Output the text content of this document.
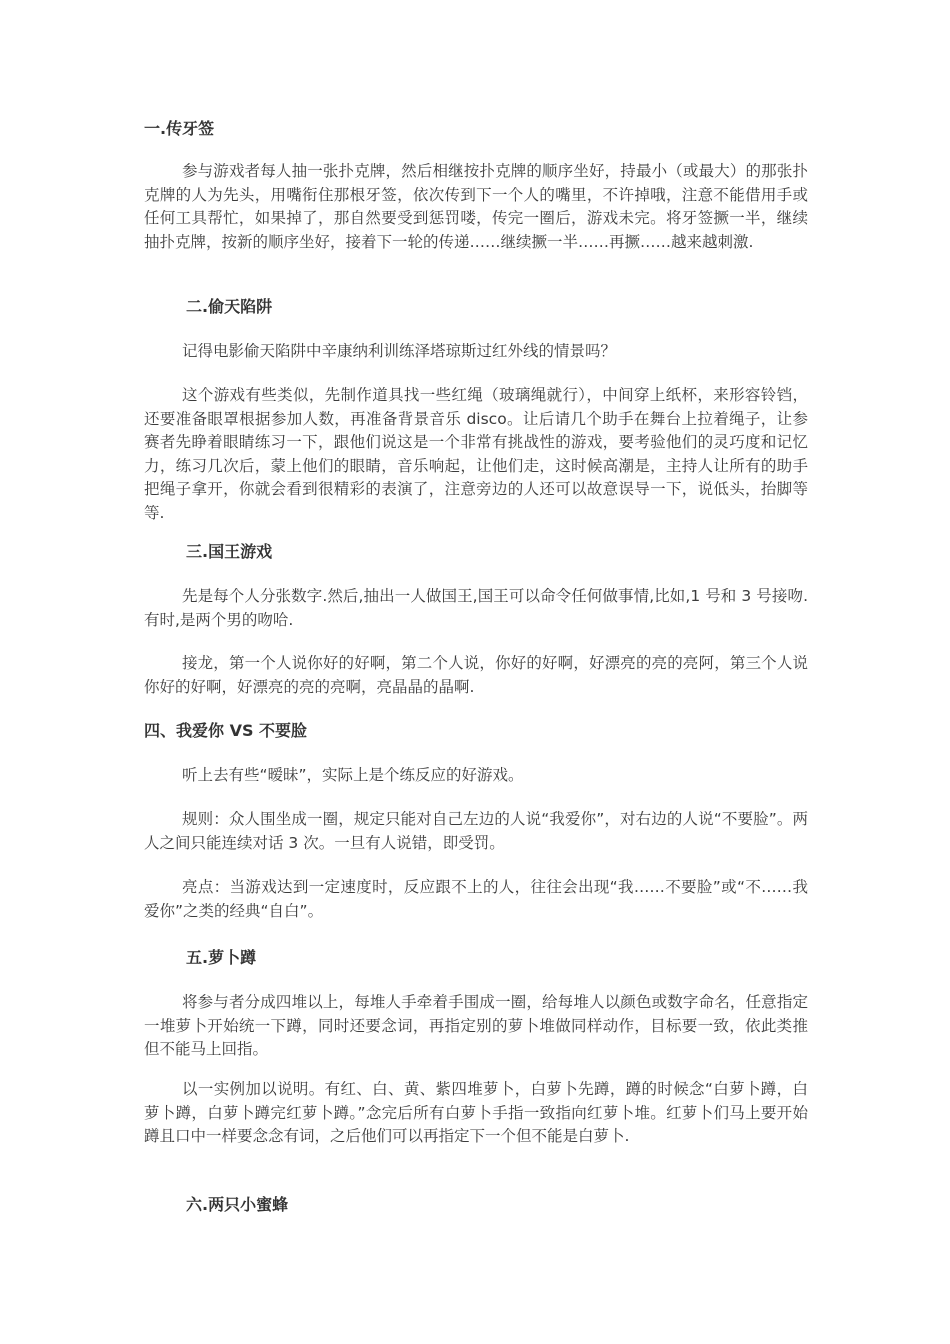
一.传牙签
参与游戏者每人抽一张扑克牌，然后相继按扑克牌的顺序坐好，持最小（或最大）的那张扑克牌的人为先头，用嘴衔住那根牙签，依次传到下一个人的嘴里，不许掉哦，注意不能借用手或任何工具帮忙，如果掉了，那自然要受到惩罚喽，传完一圈后，游戏未完。将牙签撅一半，继续抽扑克牌，按新的顺序坐好，接着下一轮的传递……继续撅一半……再撅……越来越刺激.
二.偷天陷阱
记得电影偷天陷阱中辛康纳利训练泽塔琼斯过红外线的情景吗？
这个游戏有些类似，先制作道具找一些红绳（玻璃绳就行），中间穿上纸杯，来形容铃铛，还要准备眼罩根据参加人数，再准备背景音乐 disco。让后请几个助手在舞台上拉着绳子，让参赛者先睁着眼睛练习一下，跟他们说这是一个非常有挑战性的游戏，要考验他们的灵巧度和记忆力，练习几次后，蒙上他们的眼睛，音乐响起，让他们走，这时候高潮是，主持人让所有的助手把绳子拿开，你就会看到很精彩的表演了，注意旁边的人还可以故意误导一下，说低头，抬脚等等.
三.国王游戏
先是每个人分张数字.然后,抽出一人做国王,国王可以命令任何做事情,比如,1 号和 3 号接吻.有时,是两个男的吻哈.
接龙，第一个人说你好的好啊，第二个人说，你好的好啊，好漂亮的亮的亮阿，第三个人说你好的好啊，好漂亮的亮的亮啊，亮晶晶的晶啊.
四、我爱你 VS 不要脸
听上去有些“暧昧”，实际上是个练反应的好游戏。
规则：众人围坐成一圈，规定只能对自己左边的人说“我爱你”，对右边的人说“不要脸”。两人之间只能连续对话 3 次。一旦有人说错，即受罚。
亮点：当游戏达到一定速度时，反应跟不上的人，往往会出现“我……不要脸”或“不……我爱你”之类的经典“自白”。
五.萝卜蹲
将参与者分成四堆以上，每堆人手牵着手围成一圈，给每堆人以颜色或数字命名，任意指定一堆萝卜开始统一下蹲，同时还要念词，再指定别的萝卜堆做同样动作，目标要一致，依此类推但不能马上回指。
以一实例加以说明。有红、白、黄、紫四堆萝卜，白萝卜先蹲，蹲的时候念“白萝卜蹲，白萝卜蹲，白萝卜蹲完红萝卜蹲。”念完后所有白萝卜手指一致指向红萝卜堆。红萝卜们马上要开始蹲且口中一样要念念有词，之后他们可以再指定下一个但不能是白萝卜.
六.两只小蜜蜂
